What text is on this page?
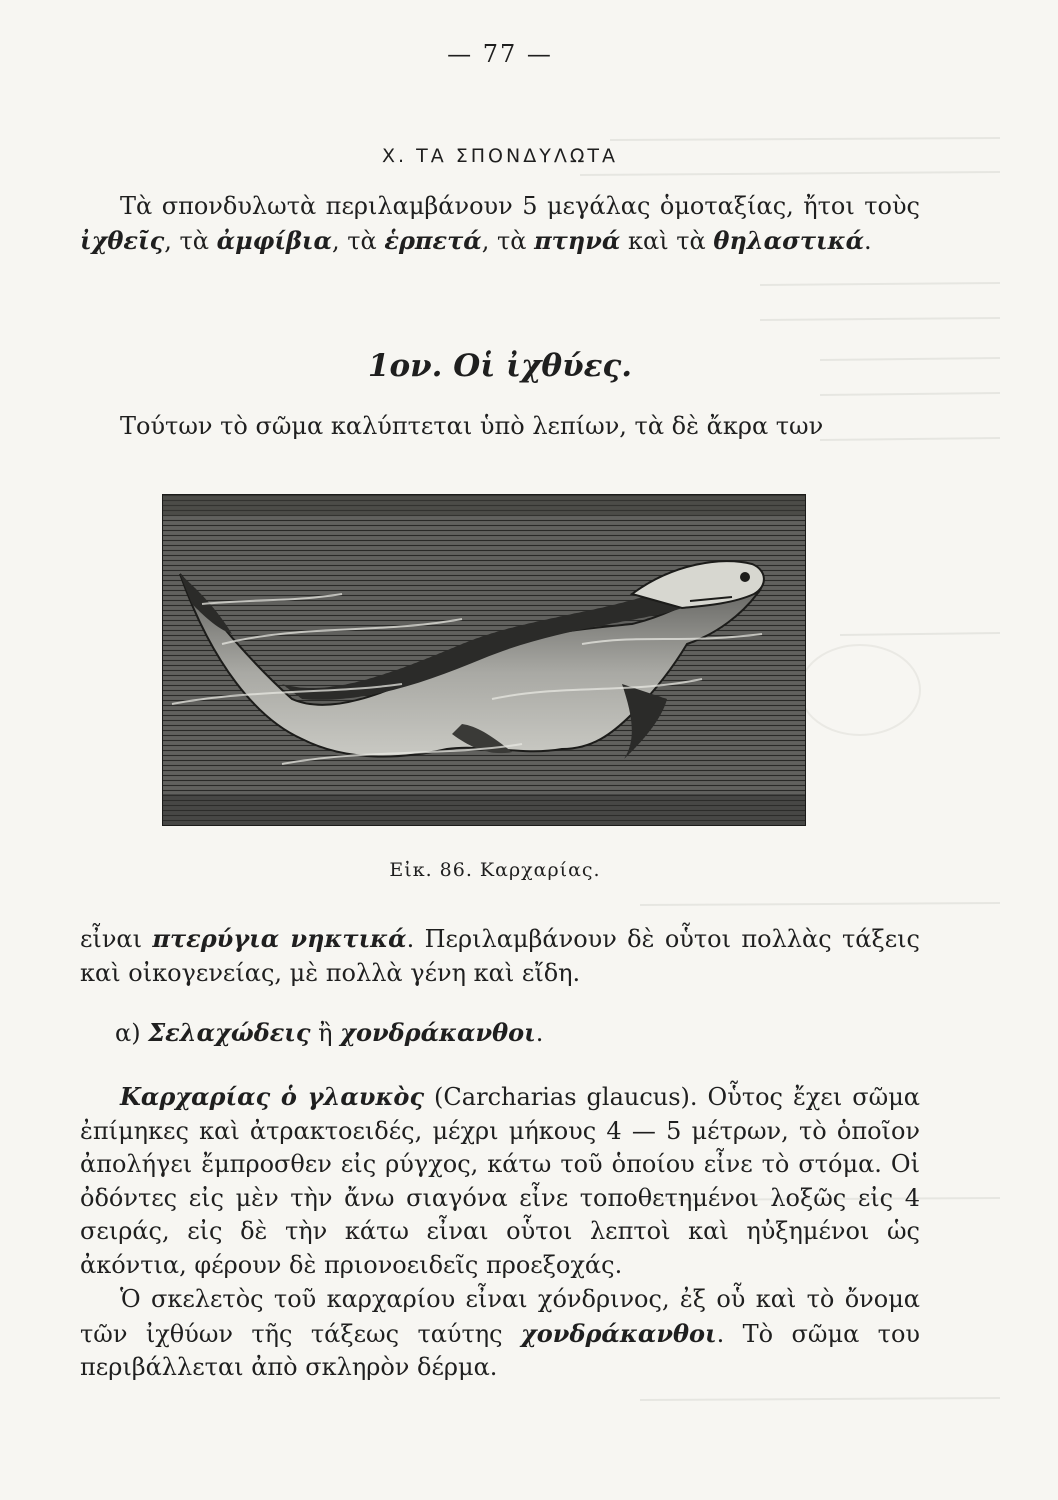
— 77 —
Χ. ΤΑ ΣΠΟΝΔΥΛΩΤΑ
Τὰ σπονδυλωτὰ περιλαμβάνουν 5 μεγάλας ὁμοταξίας, ἤτοι τοὺς ἰχθεῖς, τὰ ἀμφίβια, τὰ ἑρπετά, τὰ πτηνά καὶ τὰ θηλαστικά.
1ον. Οἱ ἰχθύες.
Τούτων τὸ σῶμα καλύπτεται ὑπὸ λεπίων, τὰ δὲ ἄκρα των
Εἰκ. 86. Καρχαρίας.
εἶναι πτερύγια νηκτικά. Περιλαμβάνουν δὲ οὗτοι πολλὰς τάξεις καὶ οἰκογενείας, μὲ πολλὰ γένη καὶ εἴδη.
α) Σελαχώδεις ἢ χονδράκανθοι.
Καρχαρίας ὁ γλαυκὸς (Carcharias glaucus). Οὗτος ἔχει σῶμα ἐπίμηκες καὶ ἀτρακτοειδές, μέχρι μήκους 4 — 5 μέτρων, τὸ ὁποῖον ἀπολήγει ἔμπροσθεν εἰς ρύγχος, κάτω τοῦ ὁποίου εἶνε τὸ στόμα. Οἱ ὀδόντες εἰς μὲν τὴν ἄνω σιαγόνα εἶνε τοποθετημένοι λοξῶς εἰς 4 σειράς, εἰς δὲ τὴν κάτω εἶναι οὗτοι λεπτοὶ καὶ ηὐξημένοι ὡς ἀκόντια, φέρουν δὲ πριονοειδεῖς προεξοχάς.
Ὁ σκελετὸς τοῦ καρχαρίου εἶναι χόνδρινος, ἐξ οὗ καὶ τὸ ὄνομα τῶν ἰχθύων τῆς τάξεως ταύτης χονδράκανθοι. Τὸ σῶμα του περιβάλλεται ἀπὸ σκληρὸν δέρμα.
